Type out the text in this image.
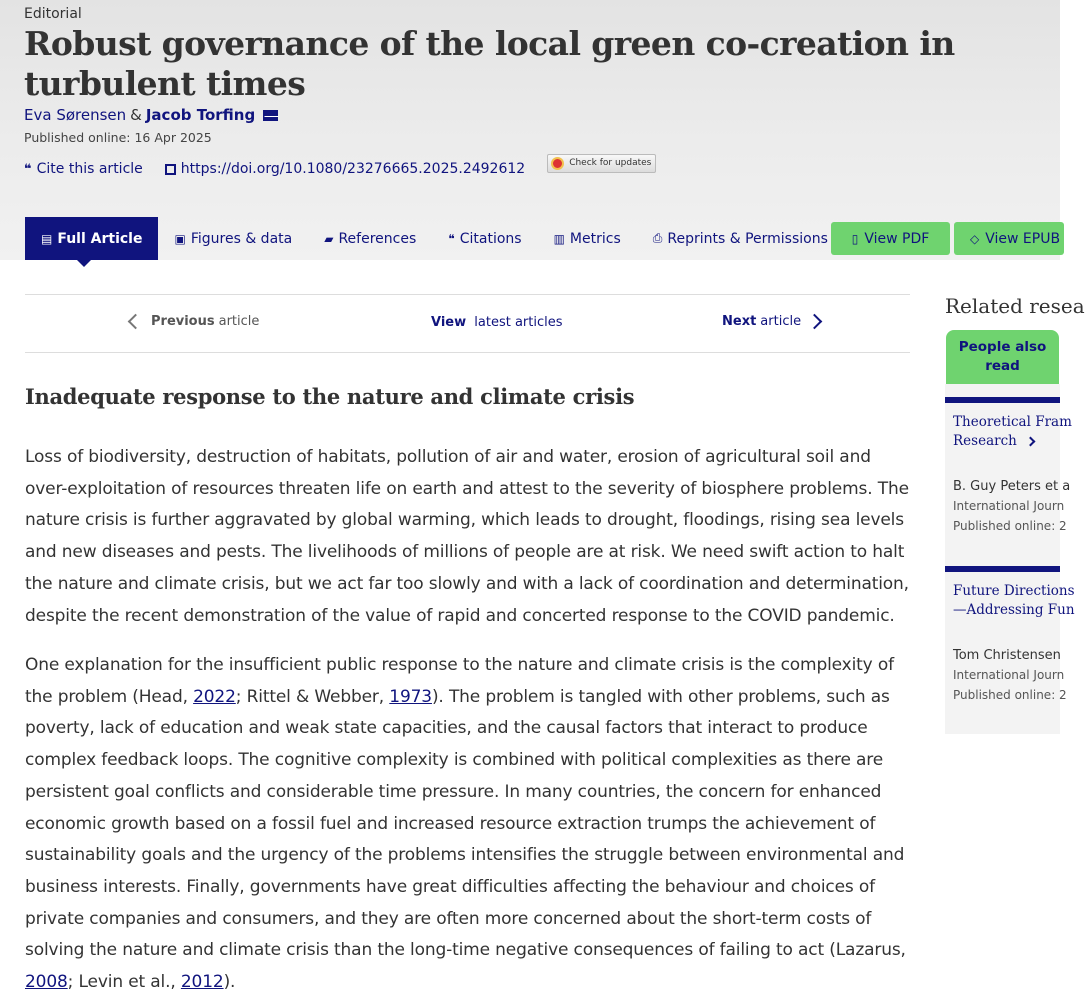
Editorial
Robust governance of the local green co-creation in turbulent times
Eva Sørensen & Jacob Torfing
Published online: 16 Apr 2025
❝ Cite this article	https://doi.org/10.1080/23276665.2025.2492612	Check for updates
▤ Full Article	▣ Figures & data	▰ References	❝ Citations	▥ Metrics	⎙ Reprints & Permissions ▯ View PDF	◇ View EPUB
Previous article	View latest articles	Next article
Inadequate response to the nature and climate crisis

Loss of biodiversity, destruction of habitats, pollution of air and water, erosion of agricultural soil and over-exploitation of resources threaten life on earth and attest to the severity of biosphere problems. The nature crisis is further aggravated by global warming, which leads to drought, floodings, rising sea levels and new diseases and pests. The livelihoods of millions of people are at risk. We need swift action to halt the nature and climate crisis, but we act far too slowly and with a lack of coordination and determination, despite the recent demonstration of the value of rapid and concerted response to the COVID pandemic.

One explanation for the insufficient public response to the nature and climate crisis is the complexity of the problem (Head, 2022; Rittel & Webber, 1973). The problem is tangled with other problems, such as poverty, lack of education and weak state capacities, and the causal factors that interact to produce complex feedback loops. The cognitive complexity is combined with political complexities as there are persistent goal conflicts and considerable time pressure. In many countries, the concern for enhanced economic growth based on a fossil fuel and increased resource extraction trumps the achievement of sustainability goals and the urgency of the problems intensifies the struggle between environmental and business interests. Finally, governments have great difficulties affecting the behaviour and choices of private companies and consumers, and they are often more concerned about the short-term costs of solving the nature and climate crisis than the long-time negative consequences of failing to act (Lazarus, 2008; Levin et al., 2012).

Related resea
People also read
Theoretical Fram
Research
B. Guy Peters et a
International Journ
Published online: 2
Future Directions
—Addressing Fun
Tom Christensen
International Journ
Published online: 2
